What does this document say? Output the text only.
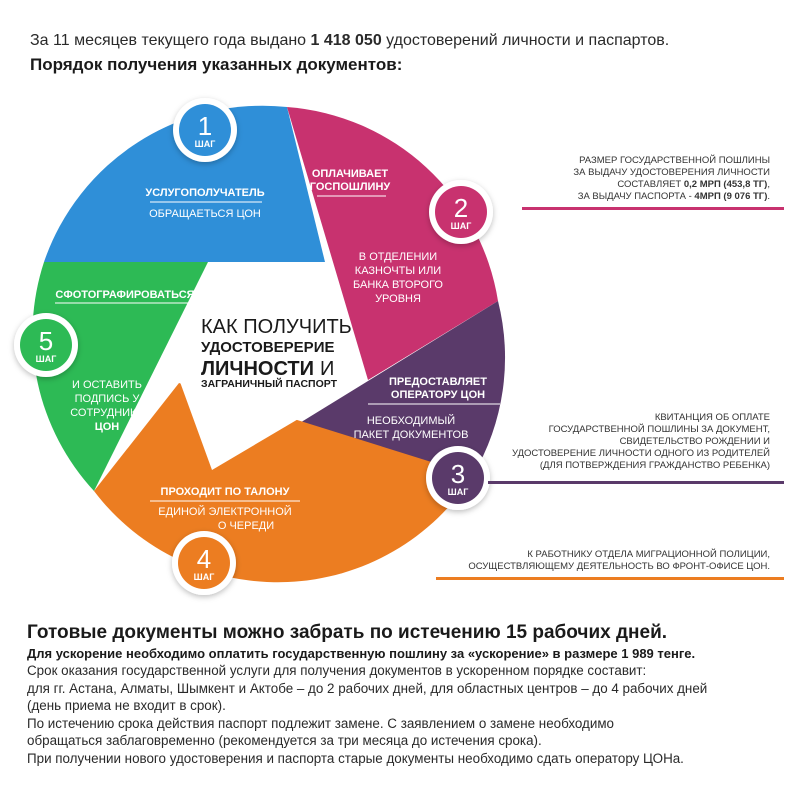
За 11 месяцев текущего года выдано 1 418 050 удостоверений личности и паспартов.
Порядок получения указанных документов:
КАК ПОЛУЧИТЬ
УДОСТОВЕРЕРИЕ
ЛИЧНОСТИ И
ЗАГРАНИЧНЫЙ ПАСПОРТ
УСЛУГОПОЛУЧАТЕЛЬ
ОБРАЩАЕТЬСЯ ЦОН
ОПЛАЧИВАЕТ
ГОСПОШЛИНУ
В ОТДЕЛЕНИИ
КАЗНОЧТЫ ИЛИ
БАНКА ВТОРОГО
УРОВНЯ
ПРЕДОСТАВЛЯЕТ
ОПЕРАТОРУ ЦОН
НЕОБХОДИМЫЙ
ПАКЕТ ДОКУМЕНТОВ
ПРОХОДИТ ПО ТАЛОНУ
ЕДИНОЙ ЭЛЕКТРОННОЙ
О ЧЕРЕДИ
СФОТОГРАФИРОВАТЬСЯ
И ОСТАВИТЬ
ПОДПИСЬ У
СОТРУДНИКА
ЦОН
1
ШАГ
2
ШАГ
3
ШАГ
4
ШАГ
5
ШАГ
РАЗМЕР ГОСУДАРСТВЕННОЙ ПОШЛИНЫ
ЗА ВЫДАЧУ УДОСТОВЕРЕНИЯ ЛИЧНОСТИ
СОСТАВЛЯЕТ 0,2 МРП (453,8 ТГ),
ЗА ВЫДАЧУ ПАСПОРТА - 4МРП (9 076 ТГ).
КВИТАНЦИЯ ОБ ОПЛАТЕ
ГОСУДАРСТВЕННОЙ ПОШЛИНЫ ЗА ДОКУМЕНТ,
СВИДЕТЕЛЬСТВО РОЖДЕНИИ И
УДОСТОВЕРЕНИЕ ЛИЧНОСТИ ОДНОГО ИЗ РОДИТЕЛЕЙ
(ДЛЯ ПОТВЕРЖДЕНИЯ ГРАЖДАНСТВО РЕБЕНКА)
К РАБОТНИКУ ОТДЕЛА МИГРАЦИОННОЙ ПОЛИЦИИ,
ОСУЩЕСТВЛЯЮЩЕМУ ДЕЯТЕЛЬНОСТЬ ВО ФРОНТ-ОФИСЕ ЦОН.
Готовые документы можно забрать по истечению 15 рабочих дней.
Для ускорение необходимо оплатить государственную пошлину за «ускорение» в размере 1 989 тенге.
Срок оказания государственной услуги для получения документов в ускоренном порядке составит:
для гг. Астана, Алматы, Шымкент и Актобе – до 2 рабочих дней, для областных центров – до 4 рабочих дней
(день приема не входит в срок).
По истечению срока действия паспорт подлежит замене. С заявлением о замене необходимо
обращаться заблаговременно (рекомендуется за три месяца до истечения срока).
При получении нового удостоверения и паспорта старые документы необходимо сдать оператору ЦОНа.
